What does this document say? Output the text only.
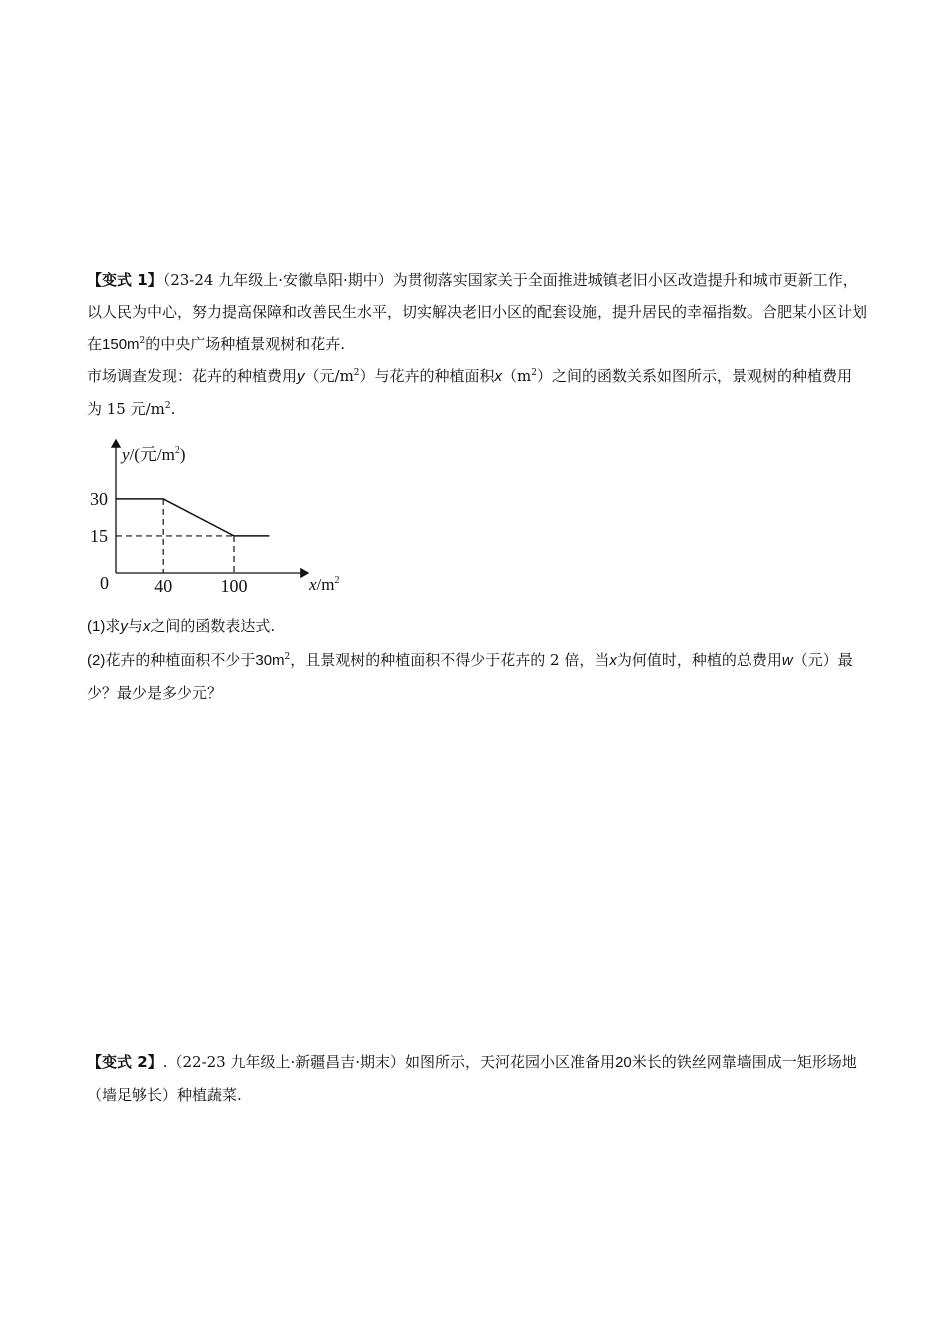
【变式 1】（23-24 九年级上·安徽阜阳·期中）为贯彻落实国家关于全面推进城镇老旧小区改造提升和城市更新工作，以人民为中心，努力提高保障和改善民生水平，切实解决老旧小区的配套设施，提升居民的幸福指数。合肥某小区计划在$150m^2$的中央广场种植景观树和花卉.

市场调查发现：花卉的种植费用y（元$/m^2$）与花卉的种植面积$x(m^2)$之间的函数关系如图所示，景观树的种植费用为 15 元$/m^2$.

y/(元$/m^2$)
$x/m^2$
0
30
15
40	100

(1)求y与x之间的函数表达式.

(2)花卉的种植面积不少于$30m^2$，且景观树的种植面积不得少于花卉的 2 倍，当x为何值时，种植的总费用w（元）最少？最少是多少元？

【变式 2】.（22-23 九年级上·新疆昌吉·期末）如图所示，天河花园小区准备用20米长的铁丝网靠墙围成一矩形场地（墙足够长）种植蔬菜.
